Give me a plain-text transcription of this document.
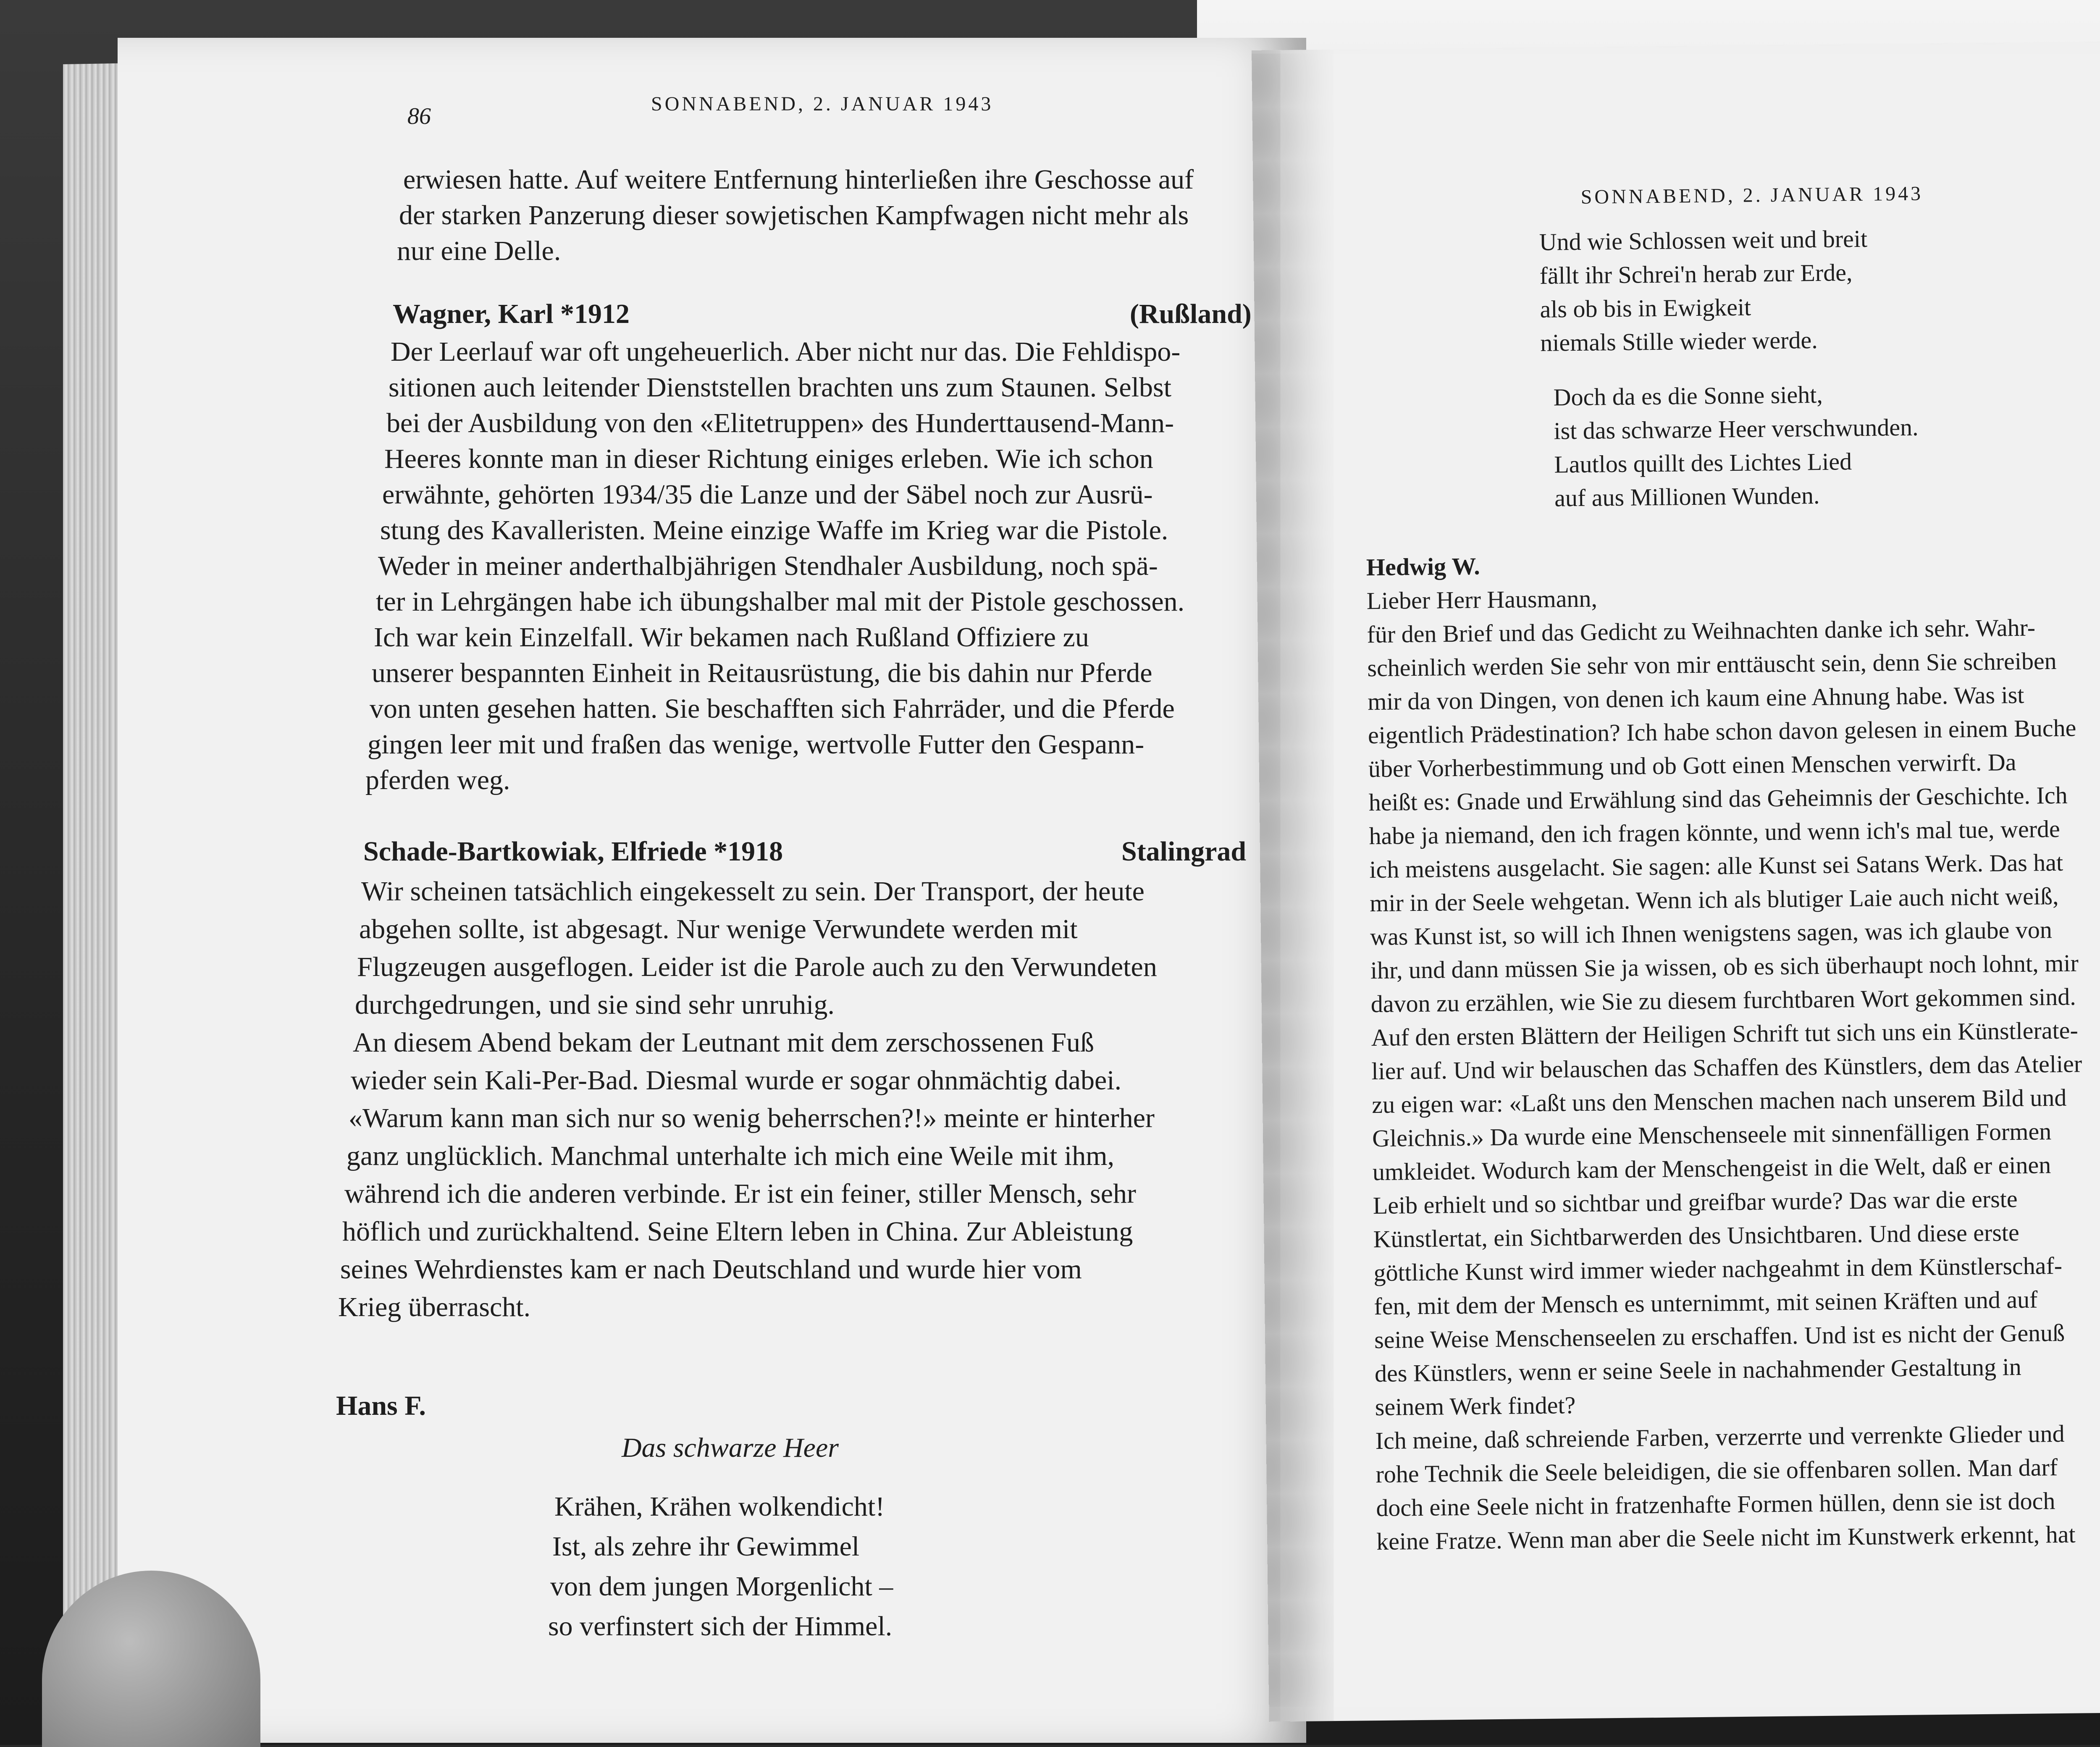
86	SONNABEND, 2. JANUAR 1943
erwiesen hatte. Auf weitere Entfernung hinterließen ihre Geschosse auf
der starken Panzerung dieser sowjetischen Kampfwagen nicht mehr als
nur eine Delle.
Wagner, Karl *1912	(Rußland)
Der Leerlauf war oft ungeheuerlich. Aber nicht nur das. Die Fehldispo-
sitionen auch leitender Dienststellen brachten uns zum Staunen. Selbst
bei der Ausbildung von den «Elitetruppen» des Hunderttausend-Mann-
Heeres konnte man in dieser Richtung einiges erleben. Wie ich schon
erwähnte, gehörten 1934/35 die Lanze und der Säbel noch zur Ausrü-
stung des Kavalleristen. Meine einzige Waffe im Krieg war die Pistole.
Weder in meiner anderthalbjährigen Stendhaler Ausbildung, noch spä-
ter in Lehrgängen habe ich übungshalber mal mit der Pistole geschossen.
Ich war kein Einzelfall. Wir bekamen nach Rußland Offiziere zu
unserer bespannten Einheit in Reitausrüstung, die bis dahin nur Pferde
von unten gesehen hatten. Sie beschafften sich Fahrräder, und die Pferde
gingen leer mit und fraßen das wenige, wertvolle Futter den Gespann-
pferden weg.
Schade-Bartkowiak, Elfriede *1918	Stalingrad
Wir scheinen tatsächlich eingekesselt zu sein. Der Transport, der heute
abgehen sollte, ist abgesagt. Nur wenige Verwundete werden mit
Flugzeugen ausgeflogen. Leider ist die Parole auch zu den Verwundeten
durchgedrungen, und sie sind sehr unruhig.
An diesem Abend bekam der Leutnant mit dem zerschossenen Fuß
wieder sein Kali-Per-Bad. Diesmal wurde er sogar ohnmächtig dabei.
«Warum kann man sich nur so wenig beherrschen?!» meinte er hinterher
ganz unglücklich. Manchmal unterhalte ich mich eine Weile mit ihm,
während ich die anderen verbinde. Er ist ein feiner, stiller Mensch, sehr
höflich und zurückhaltend. Seine Eltern leben in China. Zur Ableistung
seines Wehrdienstes kam er nach Deutschland und wurde hier vom
Krieg überrascht.
Hans F.
Das schwarze Heer
Krähen, Krähen wolkendicht!
Ist, als zehre ihr Gewimmel
von dem jungen Morgenlicht –
so verfinstert sich der Himmel.
SONNABEND, 2. JANUAR 1943
Und wie Schlossen weit und breit
fällt ihr Schrei'n herab zur Erde,
als ob bis in Ewigkeit
niemals Stille wieder werde.
Doch da es die Sonne sieht,
ist das schwarze Heer verschwunden.
Lautlos quillt des Lichtes Lied
auf aus Millionen Wunden.
Hedwig W.
Lieber Herr Hausmann,
für den Brief und das Gedicht zu Weihnachten danke ich sehr. Wahr-
scheinlich werden Sie sehr von mir enttäuscht sein, denn Sie schreiben
mir da von Dingen, von denen ich kaum eine Ahnung habe. Was ist
eigentlich Prädestination? Ich habe schon davon gelesen in einem Buche
über Vorherbestimmung und ob Gott einen Menschen verwirft. Da
heißt es: Gnade und Erwählung sind das Geheimnis der Geschichte. Ich
habe ja niemand, den ich fragen könnte, und wenn ich's mal tue, werde
ich meistens ausgelacht. Sie sagen: alle Kunst sei Satans Werk. Das hat
mir in der Seele wehgetan. Wenn ich als blutiger Laie auch nicht weiß,
was Kunst ist, so will ich Ihnen wenigstens sagen, was ich glaube von
ihr, und dann müssen Sie ja wissen, ob es sich überhaupt noch lohnt, mir
davon zu erzählen, wie Sie zu diesem furchtbaren Wort gekommen sind.
Auf den ersten Blättern der Heiligen Schrift tut sich uns ein Künstlerate-
lier auf. Und wir belauschen das Schaffen des Künstlers, dem das Atelier
zu eigen war: «Laßt uns den Menschen machen nach unserem Bild und
Gleichnis.» Da wurde eine Menschenseele mit sinnenfälligen Formen
umkleidet. Wodurch kam der Menschengeist in die Welt, daß er einen
Leib erhielt und so sichtbar und greifbar wurde? Das war die erste
Künstlertat, ein Sichtbarwerden des Unsichtbaren. Und diese erste
göttliche Kunst wird immer wieder nachgeahmt in dem Künstlerschaf-
fen, mit dem der Mensch es unternimmt, mit seinen Kräften und auf
seine Weise Menschenseelen zu erschaffen. Und ist es nicht der Genuß
des Künstlers, wenn er seine Seele in nachahmender Gestaltung in
seinem Werk findet?
Ich meine, daß schreiende Farben, verzerrte und verrenkte Glieder und
rohe Technik die Seele beleidigen, die sie offenbaren sollen. Man darf
doch eine Seele nicht in fratzenhafte Formen hüllen, denn sie ist doch
keine Fratze. Wenn man aber die Seele nicht im Kunstwerk erkennt, hat
